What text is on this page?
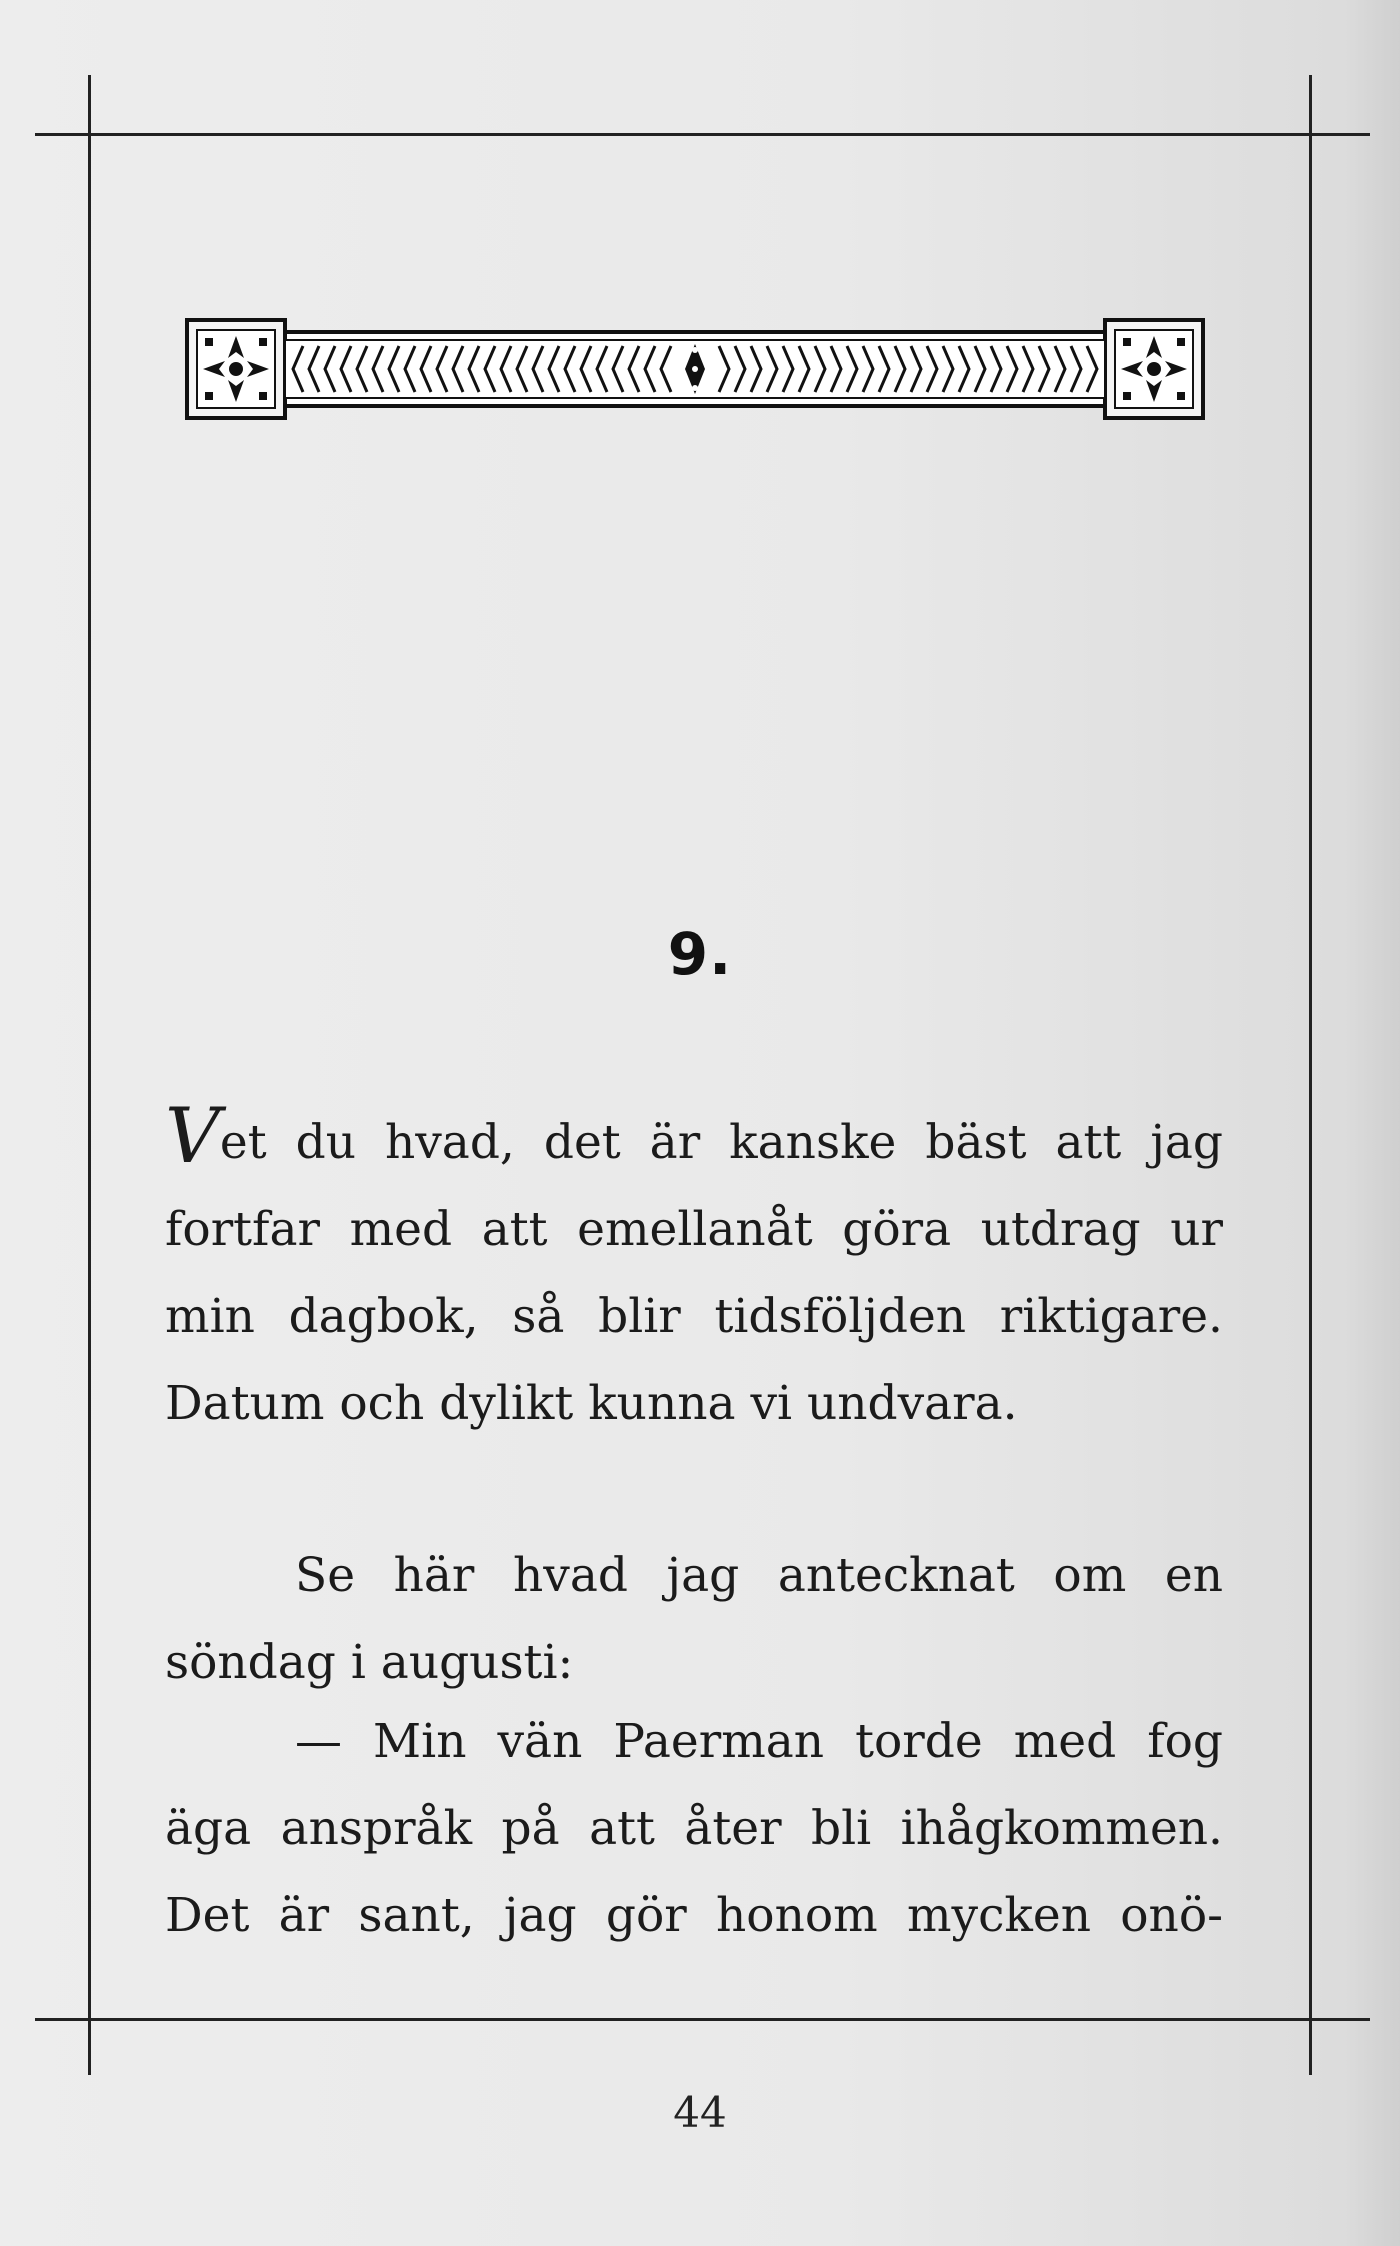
9.
Vet du hvad, det är kanske bäst att jag
fortfar med att emellanåt göra utdrag ur
min dagbok, så blir tidsföljden riktigare.
Datum och dylikt kunna vi undvara.
Se här hvad jag antecknat om en
söndag i augusti:
— Min vän Paerman torde med fog
äga anspråk på att åter bli ihågkommen.
Det är sant, jag gör honom mycken onö-
44
